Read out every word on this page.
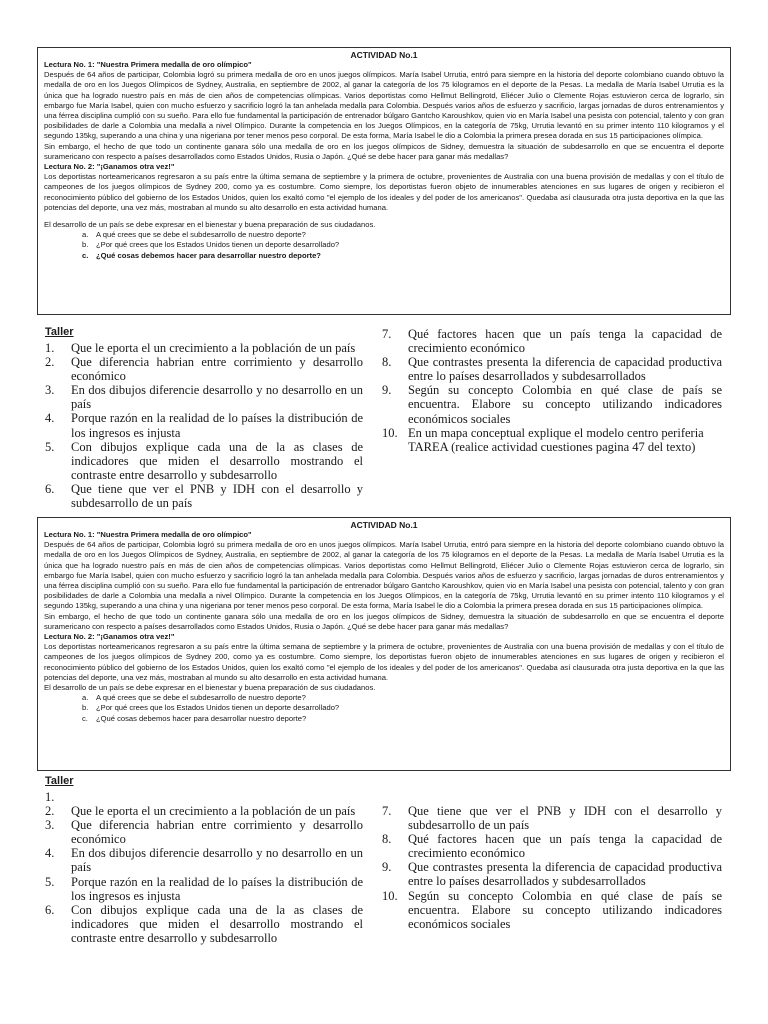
ACTIVIDAD No.1
Lectura No. 1: "Nuestra Primera medalla de oro olímpico"
Después de 64 años de participar, Colombia logró su primera medalla de oro en unos juegos olímpicos. María Isabel Urrutia, entró para siempre en la historia del deporte colombiano cuando obtuvo la medalla de oro en los Juegos Olímpicos de Sydney, Australia, en septiembre de 2002, al ganar la categoría de los 75 kilogramos en el deporte de la Pesas. La medalla de María Isabel Urrutia es la única que ha logrado nuestro país en más de cien años de competencias olímpicas. Varios deportistas como Hellmut Bellingrotd, Eliécer Julio o Clemente Rojas estuvieron cerca de lograrlo, sin embargo fue María Isabel, quien con mucho esfuerzo y sacrificio logró la tan anhelada medalla para Colombia. Después varios años de esfuerzo y sacrificio, largas jornadas de duros entrenamientos y una férrea disciplina cumplió con su sueño. Para ello fue fundamental la participación de entrenador búlgaro Gantcho Karoushkov, quien vio en María Isabel una pesista con potencial, talento y con gran posibilidades de darle a Colombia una medalla a nivel Olímpico. Durante la competencia en los Juegos Olímpicos, en la categoría de 75kg, Urrutia levantó en su primer intento 110 kilogramos y el segundo 135kg, superando a una china y una nigeriana por tener menos peso corporal. De esta forma, María Isabel le dio a Colombia la primera presea dorada en sus 15 participaciones olímpica.
Sin embargo, el hecho de que todo un continente ganara sólo una medalla de oro en los juegos olímpicos de Sidney, demuestra la situación de subdesarrollo en que se encuentra el deporte suramericano con respecto a países desarrollados como Estados Unidos, Rusia o Japón. ¿Qué se debe hacer para ganar más medallas?
Lectura No. 2: "¡Ganamos otra vez!"
Los deportistas norteamericanos regresaron a su país entre la última semana de septiembre y la primera de octubre, provenientes de Australia con una buena provisión de medallas y con el título de campeones de los juegos olímpicos de Sydney 200, como ya es costumbre. Como siempre, los deportistas fueron objeto de innumerables atenciones en sus lugares de origen y recibieron el reconocimiento público del gobierno de los Estados Unidos, quien los exaltó como "el ejemplo de los ideales y del poder de los americanos". Quedaba así clausurada otra justa deportiva en la que las potencias del deporte, una vez más, mostraban al mundo su alto desarrollo en esta actividad humana.
El desarrollo de un país se debe expresar en el bienestar y buena preparación de sus ciudadanos.
a. A qué crees que se debe el subdesarrollo de nuestro deporte?
b. ¿Por qué crees que los Estados Unidos tienen un deporte desarrollado?
c. ¿Qué cosas debemos hacer para desarrollar nuestro deporte?
Taller
1.	Que le eporta el un crecimiento a la población de un país
2.	Que diferencia habrian entre corrimiento y desarrollo económico
3.	En dos dibujos diferencie desarrollo y no desarrollo en un país
4.	Porque razón en la realidad de lo países la distribución de los ingresos es injusta
5.	Con dibujos explique cada una de la as clases de indicadores que miden el desarrollo mostrando el contraste entre desarrollo y subdesarrollo
6.	Que tiene que ver el PNB y IDH con el desarrollo y subdesarrollo de un país
7.	Qué factores hacen que un país tenga la capacidad de crecimiento económico
8.	Que contrastes presenta la diferencia de capacidad productiva entre lo países desarrollados y subdesarrollados
9.	Según su concepto Colombia en qué clase de país se encuentra. Elabore su concepto utilizando indicadores económicos sociales
10. En un mapa conceptual explique el modelo centro periferia
TAREA (realice actividad cuestiones pagina 47 del texto)
ACTIVIDAD No.1
Lectura No. 1: "Nuestra Primera medalla de oro olímpico"
Después de 64 años de participar, Colombia logró su primera medalla de oro en unos juegos olímpicos. María Isabel Urrutia, entró para siempre en la historia del deporte colombiano cuando obtuvo la medalla de oro en los Juegos Olímpicos de Sydney, Australia, en septiembre de 2002, al ganar la categoría de los 75 kilogramos en el deporte de la Pesas. La medalla de María Isabel Urrutia es la única que ha logrado nuestro país en más de cien años de competencias olímpicas. Varios deportistas como Hellmut Bellingrotd, Eliécer Julio o Clemente Rojas estuvieron cerca de lograrlo, sin embargo fue María Isabel, quien con mucho esfuerzo y sacrificio logró la tan anhelada medalla para Colombia. Después varios años de esfuerzo y sacrificio, largas jornadas de duros entrenamientos y una férrea disciplina cumplió con su sueño. Para ello fue fundamental la participación de entrenador búlgaro Gantcho Karoushkov, quien vio en María Isabel una pesista con potencial, talento y con gran posibilidades de darle a Colombia una medalla a nivel Olímpico. Durante la competencia en los Juegos Olímpicos, en la categoría de 75kg, Urrutia levantó en su primer intento 110 kilogramos y el segundo 135kg, superando a una china y una nigeriana por tener menos peso corporal. De esta forma, María Isabel le dio a Colombia la primera presea dorada en sus 15 participaciones olímpica.
Sin embargo, el hecho de que todo un continente ganara sólo una medalla de oro en los juegos olímpicos de Sidney, demuestra la situación de subdesarrollo en que se encuentra el deporte suramericano con respecto a países desarrollados como Estados Unidos, Rusia o Japón. ¿Qué se debe hacer para ganar más medallas?
Lectura No. 2: "¡Ganamos otra vez!"
Los deportistas norteamericanos regresaron a su país entre la última semana de septiembre y la primera de octubre, provenientes de Australia con una buena provisión de medallas y con el título de campeones de los juegos olímpicos de Sydney 200, como ya es costumbre. Como siempre, los deportistas fueron objeto de innumerables atenciones en sus lugares de origen y recibieron el reconocimiento público del gobierno de los Estados Unidos, quien los exaltó como "el ejemplo de los ideales y del poder de los americanos". Quedaba así clausurada otra justa deportiva en la que las potencias del deporte, una vez más, mostraban al mundo su alto desarrollo en esta actividad humana.
El desarrollo de un país se debe expresar en el bienestar y buena preparación de sus ciudadanos.
a. A qué crees que se debe el subdesarrollo de nuestro deporte?
b. ¿Por qué crees que los Estados Unidos tienen un deporte desarrollado?
c. ¿Qué cosas debemos hacer para desarrollar nuestro deporte?
Taller
1.
2.	Que le eporta el un crecimiento a la población de un país
3.	Que diferencia habrian entre corrimiento y desarrollo económico
4.	En dos dibujos diferencie desarrollo y no desarrollo en un país
5.	Porque razón en la realidad de lo países la distribución de los ingresos es injusta
6.	Con dibujos explique cada una de la as clases de indicadores que miden el desarrollo mostrando el contraste entre desarrollo y subdesarrollo
7.	Que tiene que ver el PNB y IDH con el desarrollo y subdesarrollo de un país
8.	Qué factores hacen que un país tenga la capacidad de crecimiento económico
9.	Que contrastes presenta la diferencia de capacidad productiva entre lo países desarrollados y subdesarrollados
10. Según su concepto Colombia en qué clase de país se encuentra. Elabore su concepto utilizando indicadores económicos sociales
